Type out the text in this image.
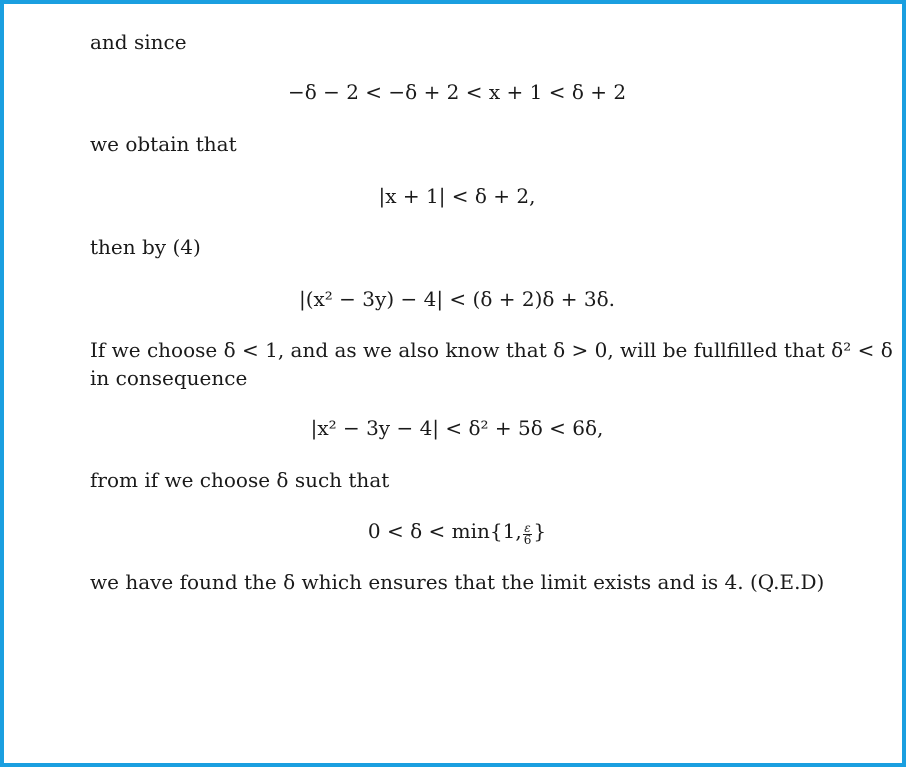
and since
−δ − 2 < −δ + 2 < x + 1 < δ + 2
we obtain that
|x + 1| < δ + 2,
then by (4)
|(x² − 3y) − 4| < (δ + 2)δ + 3δ.
If we choose δ < 1, and as we also know that δ > 0, will be fullfilled that δ² < δ
in consequence
|x² − 3y − 4| < δ² + 5δ < 6δ,
from if we choose δ such that
0 < δ < min{1, $\frac{\varepsilon}{6}$ }
we have found the δ which ensures that the limit exists and is 4. (Q.E.D)
